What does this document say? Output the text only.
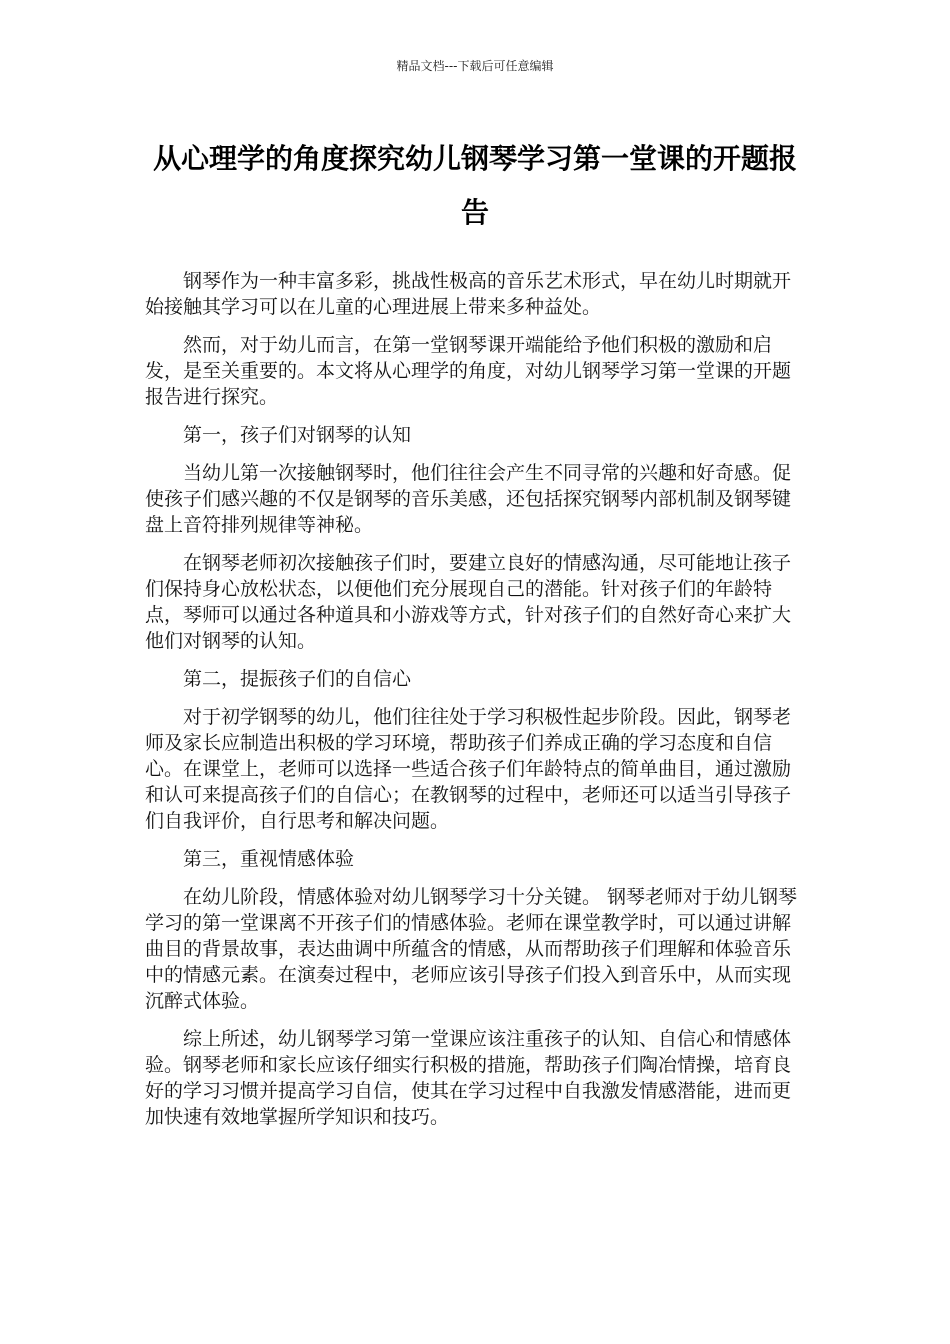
精品文档---下载后可任意编辑
从心理学的角度探究幼儿钢琴学习第一堂课的开题报告

钢琴作为一种丰富多彩，挑战性极高的音乐艺术形式，早在幼儿时期就开始接触其学习可以在儿童的心理进展上带来多种益处。

然而，对于幼儿而言，在第一堂钢琴课开端能给予他们积极的激励和启发，是至关重要的。本文将从心理学的角度，对幼儿钢琴学习第一堂课的开题报告进行探究。

第一，孩子们对钢琴的认知

当幼儿第一次接触钢琴时，他们往往会产生不同寻常的兴趣和好奇感。促使孩子们感兴趣的不仅是钢琴的音乐美感，还包括探究钢琴内部机制及钢琴键盘上音符排列规律等神秘。

在钢琴老师初次接触孩子们时，要建立良好的情感沟通，尽可能地让孩子们保持身心放松状态，以便他们充分展现自己的潜能。针对孩子们的年龄特点，琴师可以通过各种道具和小游戏等方式，针对孩子们的自然好奇心来扩大他们对钢琴的认知。

第二，提振孩子们的自信心

对于初学钢琴的幼儿，他们往往处于学习积极性起步阶段。因此，钢琴老师及家长应制造出积极的学习环境，帮助孩子们养成正确的学习态度和自信心。在课堂上，老师可以选择一些适合孩子们年龄特点的简单曲目，通过激励和认可来提高孩子们的自信心；在教钢琴的过程中，老师还可以适当引导孩子们自我评价，自行思考和解决问题。

第三，重视情感体验

在幼儿阶段，情感体验对幼儿钢琴学习十分关键。 钢琴老师对于幼儿钢琴学习的第一堂课离不开孩子们的情感体验。老师在课堂教学时，可以通过讲解曲目的背景故事，表达曲调中所蕴含的情感，从而帮助孩子们理解和体验音乐中的情感元素。在演奏过程中，老师应该引导孩子们投入到音乐中，从而实现沉醉式体验。

综上所述，幼儿钢琴学习第一堂课应该注重孩子的认知、自信心和情感体验。钢琴老师和家长应该仔细实行积极的措施，帮助孩子们陶冶情操，培育良好的学习习惯并提高学习自信，使其在学习过程中自我激发情感潜能，进而更加快速有效地掌握所学知识和技巧。
